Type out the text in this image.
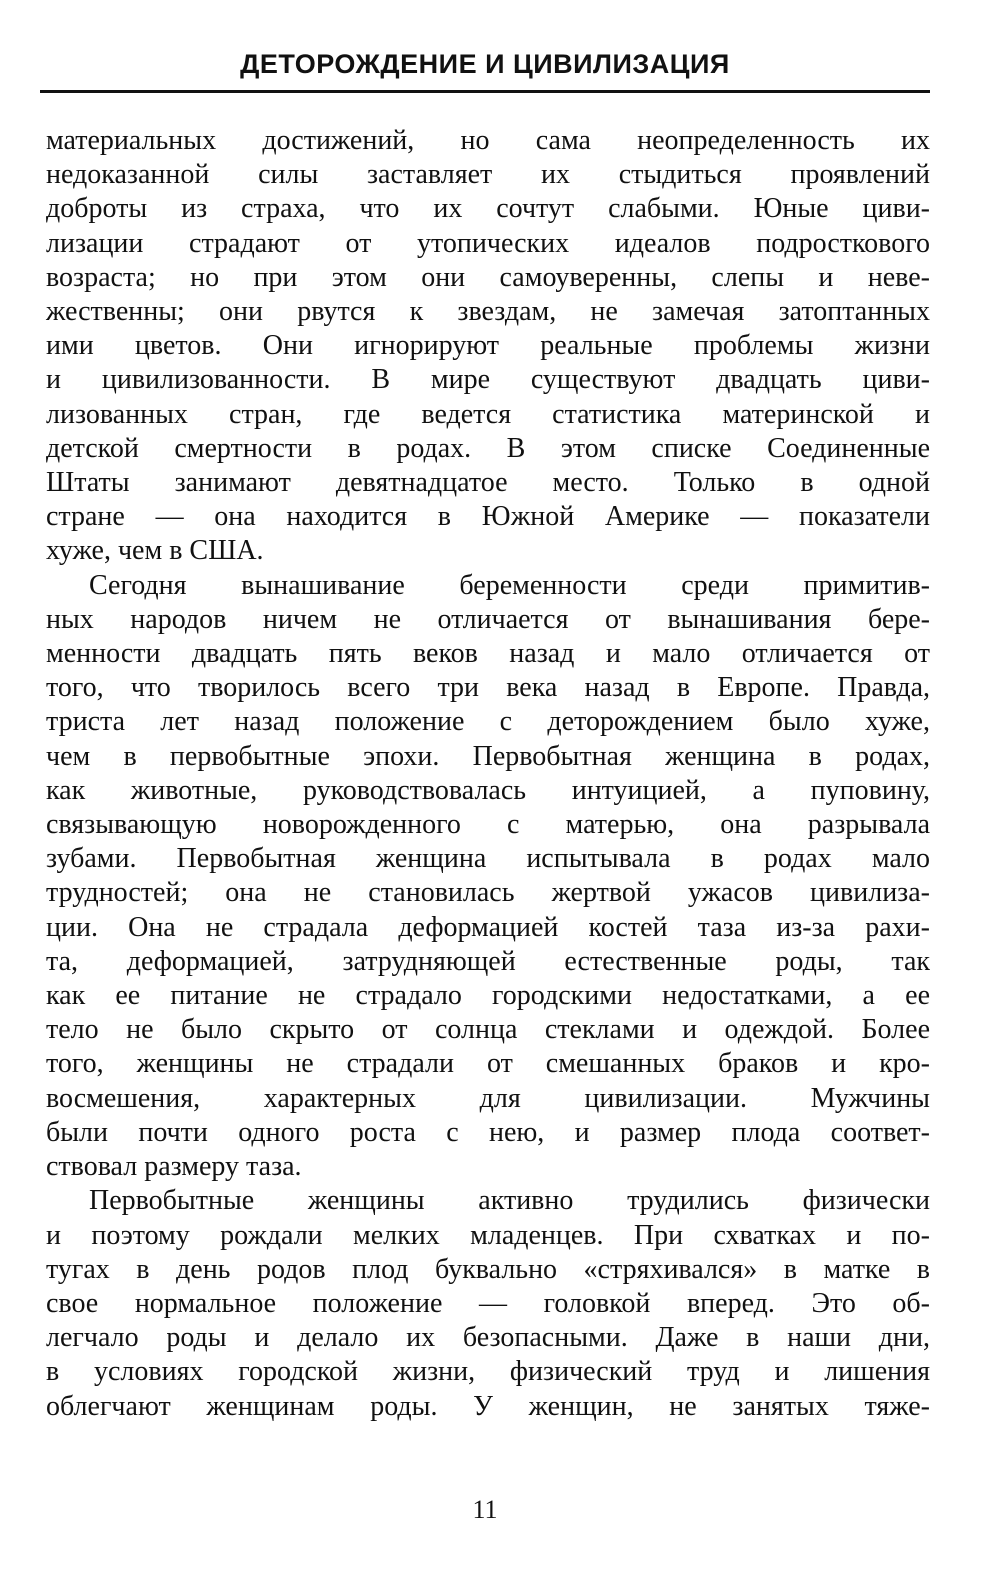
ДЕТОРОЖДЕНИЕ И ЦИВИЛИЗАЦИЯ
материальных достижений, но сама неопределенность их
недоказанной силы заставляет их стыдиться проявлений
доброты из страха, что их сочтут слабыми. Юные циви-
лизации страдают от утопических идеалов подросткового
возраста; но при этом они самоуверенны, слепы и неве-
жественны; они рвутся к звездам, не замечая затоптанных
ими цветов. Они игнорируют реальные проблемы жизни
и цивилизованности. В мире существуют двадцать циви-
лизованных стран, где ведется статистика материнской и
детской смертности в родах. В этом списке Соединенные
Штаты занимают девятнадцатое место. Только в одной
стране — она находится в Южной Америке — показатели
хуже, чем в США.
Сегодня вынашивание беременности среди примитив-
ных народов ничем не отличается от вынашивания бере-
менности двадцать пять веков назад и мало отличается от
того, что творилось всего три века назад в Европе. Правда,
триста лет назад положение с деторождением было хуже,
чем в первобытные эпохи. Первобытная женщина в родах,
как животные, руководствовалась интуицией, а пуповину,
связывающую новорожденного с матерью, она разрывала
зубами. Первобытная женщина испытывала в родах мало
трудностей; она не становилась жертвой ужасов цивилиза-
ции. Она не страдала деформацией костей таза из-за рахи-
та, деформацией, затрудняющей естественные роды, так
как ее питание не страдало городскими недостатками, а ее
тело не было скрыто от солнца стеклами и одеждой. Более
того, женщины не страдали от смешанных браков и кро-
восмешения, характерных для цивилизации. Мужчины
были почти одного роста с нею, и размер плода соответ-
ствовал размеру таза.
Первобытные женщины активно трудились физически
и поэтому рождали мелких младенцев. При схватках и по-
тугах в день родов плод буквально «стряхивался» в матке в
свое нормальное положение — головкой вперед. Это об-
легчало роды и делало их безопасными. Даже в наши дни,
в условиях городской жизни, физический труд и лишения
облегчают женщинам роды. У женщин, не занятых тяже-
11
